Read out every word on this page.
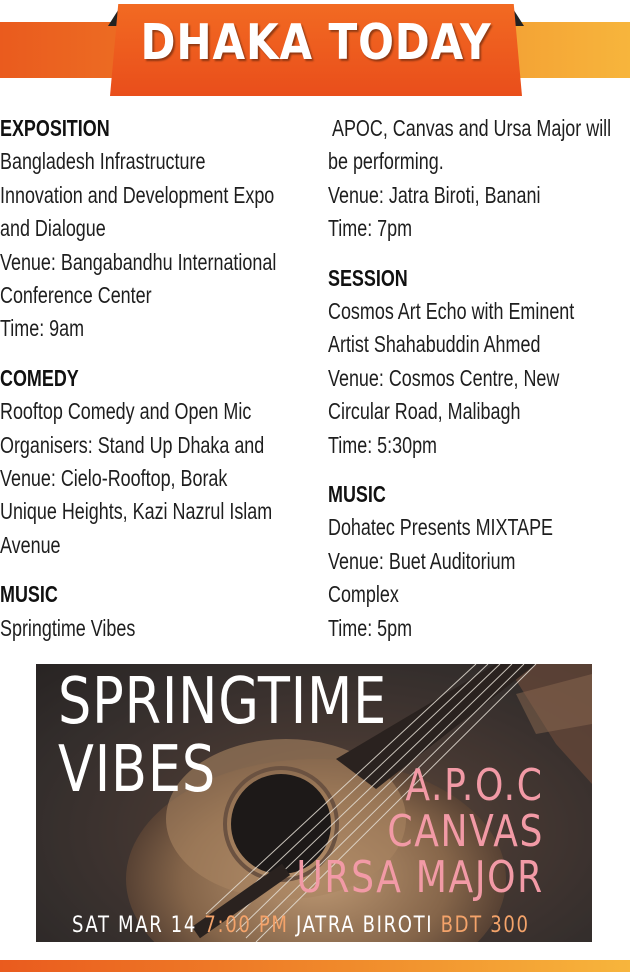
DHAKA TODAY

EXPOSITION

Bangladesh Infrastructure

Innovation and Development Expo

and Dialogue

Venue: Bangabandhu International

Conference Center

Time: 9am

COMEDY

Rooftop Comedy and Open Mic

Organisers: Stand Up Dhaka and

Venue: Cielo-Rooftop, Borak

Unique Heights, Kazi Nazrul Islam

Avenue

MUSIC

Springtime Vibes

APOC, Canvas and Ursa Major will

be performing.

Venue: Jatra Biroti, Banani

Time: 7pm

SESSION

Cosmos Art Echo with Eminent

Artist Shahabuddin Ahmed

Venue: Cosmos Centre, New

Circular Road, Malibagh

Time: 5:30pm

MUSIC

Dohatec Presents MIXTAPE

Venue: Buet Auditorium

Complex

Time: 5pm

SPRINGTIME

VIBES	A.P.O.C

CANVAS

URSA MAJOR

SAT MAR 14 7:00 PM JATRA BIROTI BDT 300
